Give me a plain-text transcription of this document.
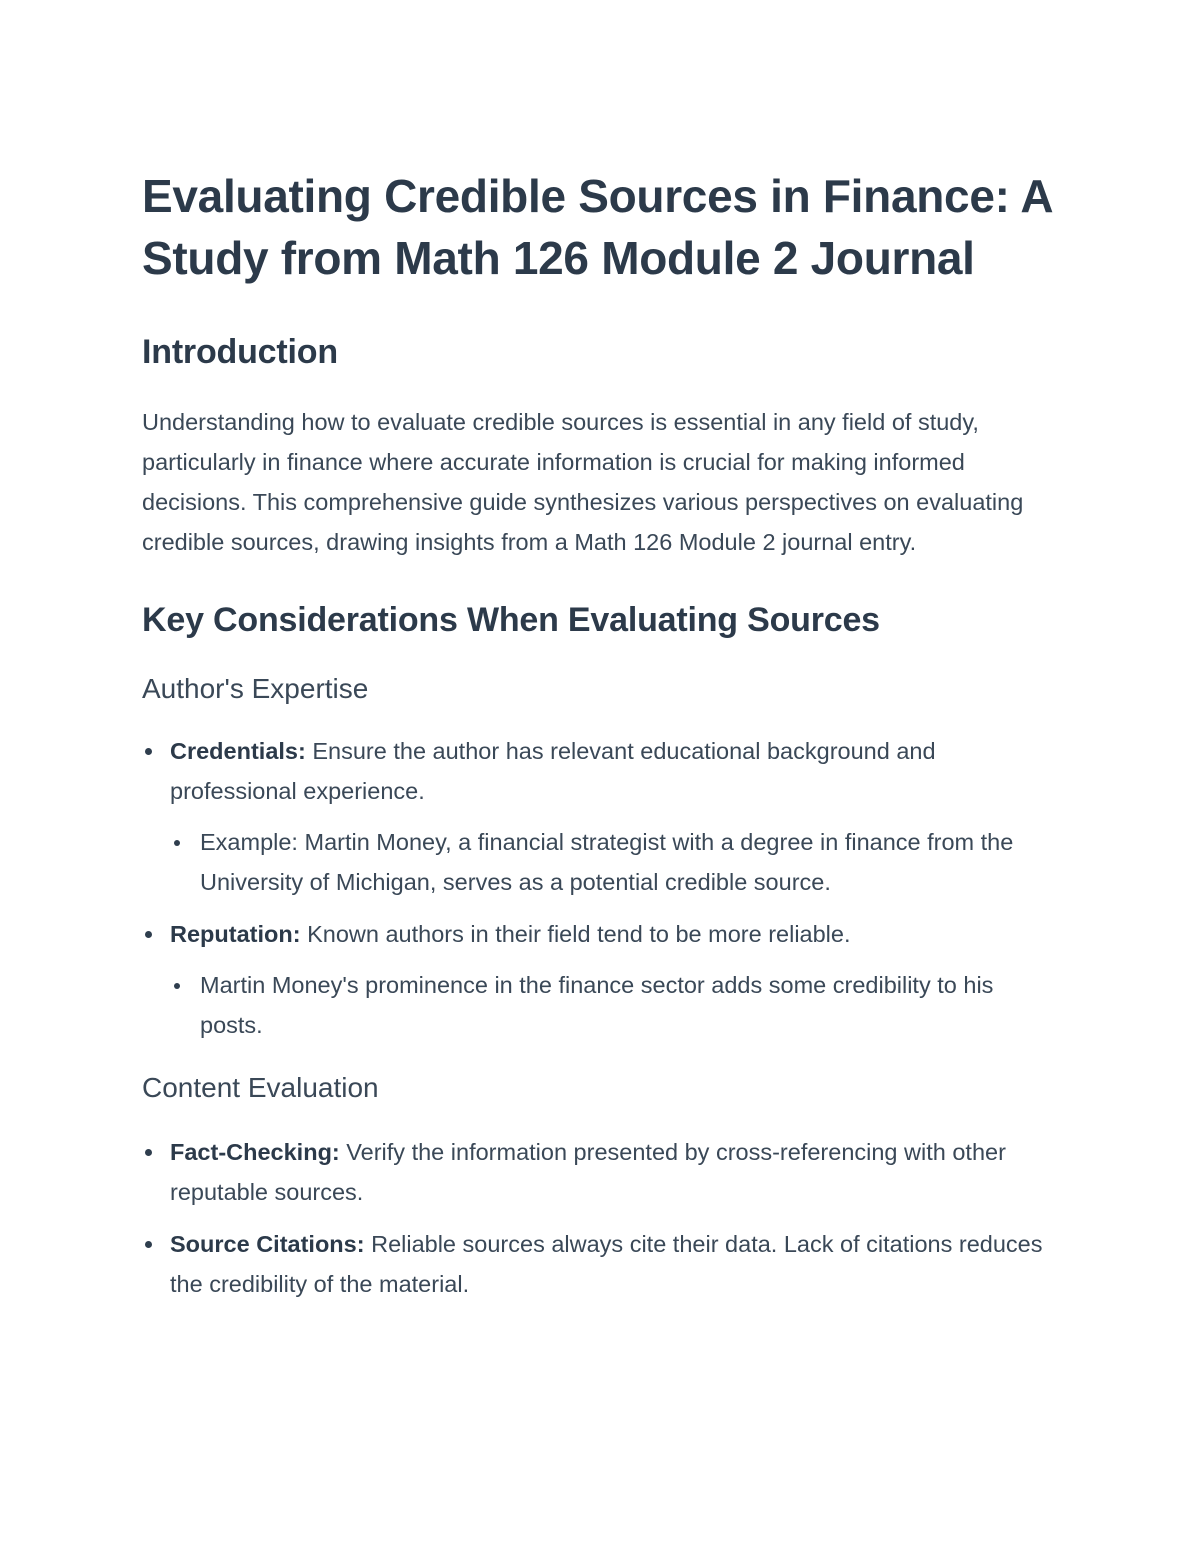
Evaluating Credible Sources in Finance: A Study from Math 126 Module 2 Journal
Introduction

Understanding how to evaluate credible sources is essential in any field of study, particularly in finance where accurate information is crucial for making informed decisions. This comprehensive guide synthesizes various perspectives on evaluating credible sources, drawing insights from a Math 126 Module 2 journal entry.

Key Considerations When Evaluating Sources
Author's Expertise
Credentials: Ensure the author has relevant educational background and professional experience.
Example: Martin Money, a financial strategist with a degree in finance from the University of Michigan, serves as a potential credible source.
Reputation: Known authors in their field tend to be more reliable.
Martin Money's prominence in the finance sector adds some credibility to his posts.
Content Evaluation
Fact-Checking: Verify the information presented by cross-referencing with other reputable sources.
Source Citations: Reliable sources always cite their data. Lack of citations reduces the credibility of the material.
